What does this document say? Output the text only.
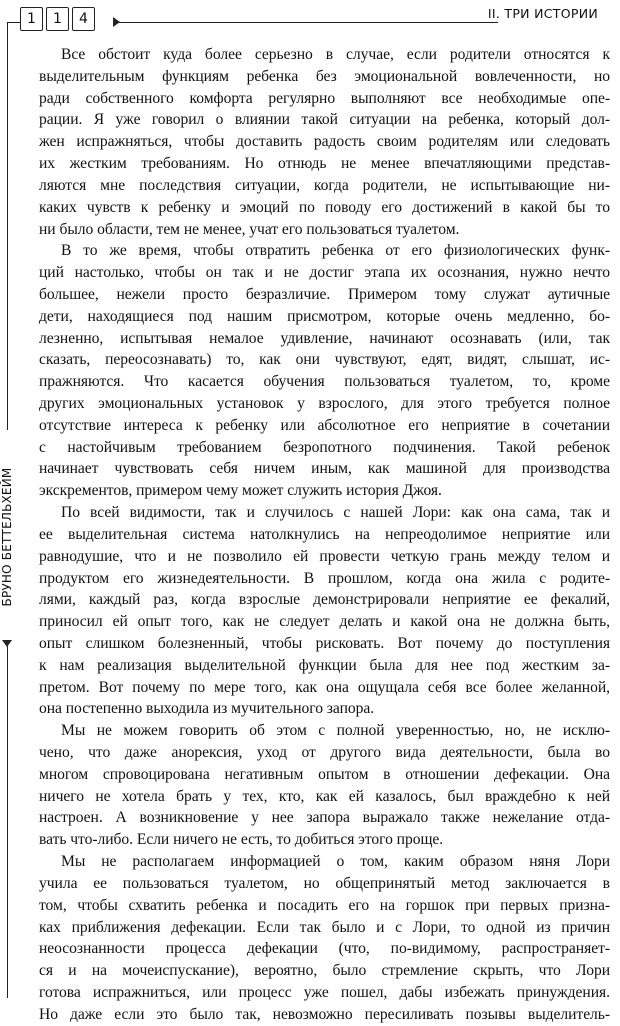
1	1	4	II. ТРИ ИСТОРИИ
БРУНО БЕТТЕЛЬХЕЙМ
Все обстоит куда более серьезно в случае, если родители относятся к
выделительным функциям ребенка без эмоциональной вовлеченности, но
ради собственного комфорта регулярно выполняют все необходимые опе-
рации. Я уже говорил о влиянии такой ситуации на ребенка, который дол-
жен испражняться, чтобы доставить радость своим родителям или следовать
их жестким требованиям. Но отнюдь не менее впечатляющими представ-
ляются мне последствия ситуации, когда родители, не испытывающие ни-
каких чувств к ребенку и эмоций по поводу его достижений в какой бы то
ни было области, тем не менее, учат его пользоваться туалетом.
В то же время, чтобы отвратить ребенка от его физиологических функ-
ций настолько, чтобы он так и не достиг этапа их осознания, нужно нечто
большее, нежели просто безразличие. Примером тому служат аутичные
дети, находящиеся под нашим присмотром, которые очень медленно, бо-
лезненно, испытывая немалое удивление, начинают осознавать (или, так
сказать, переосознавать) то, как они чувствуют, едят, видят, слышат, ис-
пражняются. Что касается обучения пользоваться туалетом, то, кроме
других эмоциональных установок у взрослого, для этого требуется полное
отсутствие интереса к ребенку или абсолютное его неприятие в сочетании
с настойчивым требованием безропотного подчинения. Такой ребенок
начинает чувствовать себя ничем иным, как машиной для производства
экскрементов, примером чему может служить история Джоя.
По всей видимости, так и случилось с нашей Лори: как она сама, так и
ее выделительная система натолкнулись на непреодолимое неприятие или
равнодушие, что и не позволило ей провести четкую грань между телом и
продуктом его жизнедеятельности. В прошлом, когда она жила с родите-
лями, каждый раз, когда взрослые демонстрировали неприятие ее фекалий,
приносил ей опыт того, как не следует делать и какой она не должна быть,
опыт слишком болезненный, чтобы рисковать. Вот почему до поступления
к нам реализация выделительной функции была для нее под жестким за-
претом. Вот почему по мере того, как она ощущала себя все более желанной,
она постепенно выходила из мучительного запора.
Мы не можем говорить об этом с полной уверенностью, но, не исклю-
чено, что даже анорексия, уход от другого вида деятельности, была во
многом спровоцирована негативным опытом в отношении дефекации. Она
ничего не хотела брать у тех, кто, как ей казалось, был враждебно к ней
настроен. А возникновение у нее запора выражало также нежелание отда-
вать что-либо. Если ничего не есть, то добиться этого проще.
Мы не располагаем информацией о том, каким образом няня Лори
учила ее пользоваться туалетом, но общепринятый метод заключается в
том, чтобы схватить ребенка и посадить его на горшок при первых призна-
ках приближения дефекации. Если так было и с Лори, то одной из причин
неосознанности процесса дефекации (что, по-видимому, распространяет-
ся и на мочеиспускание), вероятно, было стремление скрыть, что Лори
готова испражниться, или процесс уже пошел, дабы избежать принуждения.
Но даже если это было так, невозможно пересиливать позывы выделитель-
